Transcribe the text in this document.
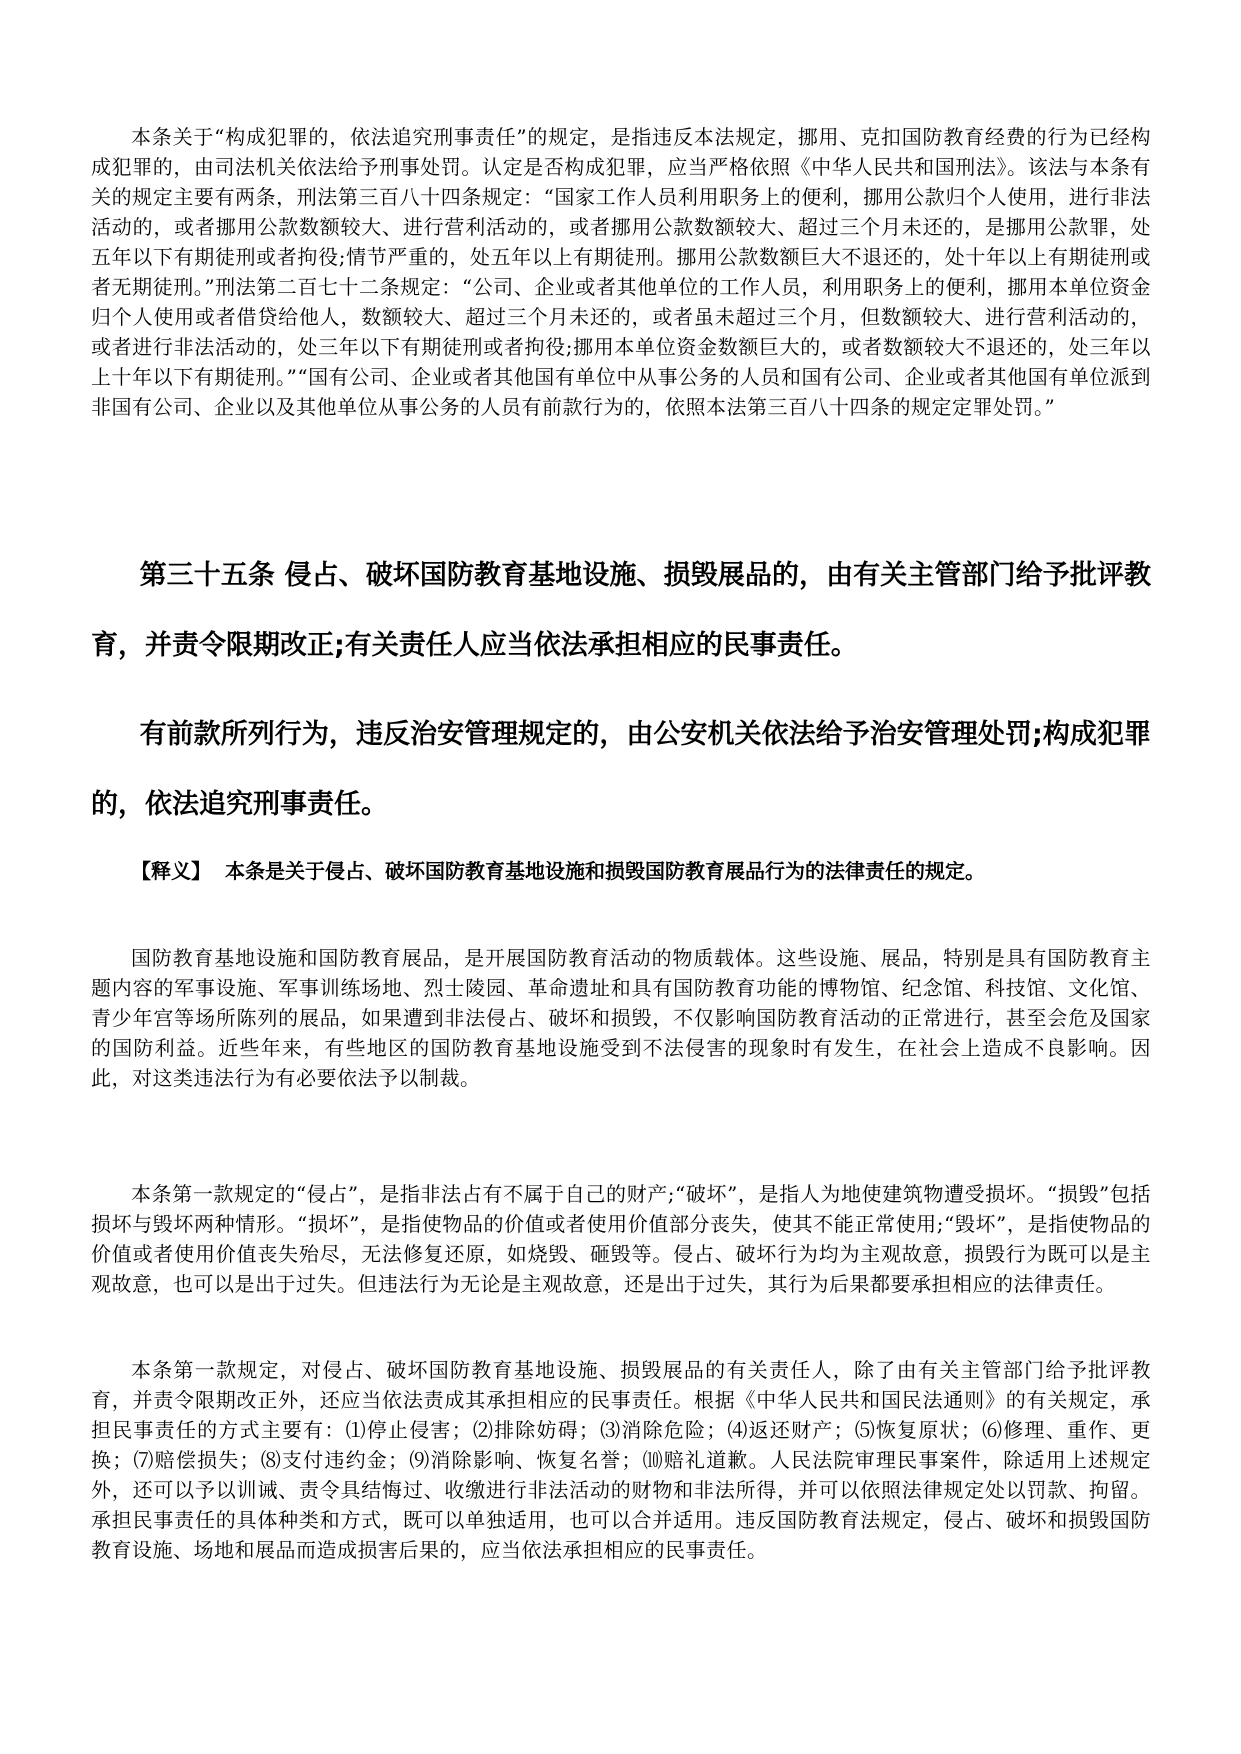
本条关于“构成犯罪的，依法追究刑事责任”的规定，是指违反本法规定，挪用、克扣国防教育经费的行为已经构成犯罪的，由司法机关依法给予刑事处罚。认定是否构成犯罪，应当严格依照《中华人民共和国刑法》。该法与本条有关的规定主要有两条，刑法第三百八十四条规定：“国家工作人员利用职务上的便利，挪用公款归个人使用，进行非法活动的，或者挪用公款数额较大、进行营利活动的，或者挪用公款数额较大、超过三个月未还的，是挪用公款罪，处五年以下有期徒刑或者拘役;情节严重的，处五年以上有期徒刑。挪用公款数额巨大不退还的，处十年以上有期徒刑或者无期徒刑。”刑法第二百七十二条规定：“公司、企业或者其他单位的工作人员，利用职务上的便利，挪用本单位资金归个人使用或者借贷给他人，数额较大、超过三个月未还的，或者虽未超过三个月，但数额较大、进行营利活动的，或者进行非法活动的，处三年以下有期徒刑或者拘役;挪用本单位资金数额巨大的，或者数额较大不退还的，处三年以上十年以下有期徒刑。”“国有公司、企业或者其他国有单位中从事公务的人员和国有公司、企业或者其他国有单位派到非国有公司、企业以及其他单位从事公务的人员有前款行为的，依照本法第三百八十四条的规定定罪处罚。”

第三十五条 侵占、破坏国防教育基地设施、损毁展品的，由有关主管部门给予批评教育，并责令限期改正;有关责任人应当依法承担相应的民事责任。

有前款所列行为，违反治安管理规定的，由公安机关依法给予治安管理处罚;构成犯罪的，依法追究刑事责任。

【释义】 本条是关于侵占、破坏国防教育基地设施和损毁国防教育展品行为的法律责任的规定。

国防教育基地设施和国防教育展品，是开展国防教育活动的物质载体。这些设施、展品，特别是具有国防教育主题内容的军事设施、军事训练场地、烈士陵园、革命遗址和具有国防教育功能的博物馆、纪念馆、科技馆、文化馆、青少年宫等场所陈列的展品，如果遭到非法侵占、破坏和损毁，不仅影响国防教育活动的正常进行，甚至会危及国家的国防利益。近些年来，有些地区的国防教育基地设施受到不法侵害的现象时有发生，在社会上造成不良影响。因此，对这类违法行为有必要依法予以制裁。

本条第一款规定的“侵占”，是指非法占有不属于自己的财产;“破坏”，是指人为地使建筑物遭受损坏。“损毁”包括损坏与毁坏两种情形。“损坏”，是指使物品的价值或者使用价值部分丧失，使其不能正常使用;“毁坏”，是指使物品的价值或者使用价值丧失殆尽，无法修复还原，如烧毁、砸毁等。侵占、破坏行为均为主观故意，损毁行为既可以是主观故意，也可以是出于过失。但违法行为无论是主观故意，还是出于过失，其行为后果都要承担相应的法律责任。

本条第一款规定，对侵占、破坏国防教育基地设施、损毁展品的有关责任人，除了由有关主管部门给予批评教育，并责令限期改正外，还应当依法责成其承担相应的民事责任。根据《中华人民共和国民法通则》的有关规定，承担民事责任的方式主要有：⑴停止侵害；⑵排除妨碍；⑶消除危险；⑷返还财产；⑸恢复原状；⑹修理、重作、更换；⑺赔偿损失；⑻支付违约金；⑼消除影响、恢复名誉；⑽赔礼道歉。人民法院审理民事案件，除适用上述规定外，还可以予以训诫、责令具结悔过、收缴进行非法活动的财物和非法所得，并可以依照法律规定处以罚款、拘留。承担民事责任的具体种类和方式，既可以单独适用，也可以合并适用。违反国防教育法规定，侵占、破坏和损毁国防教育设施、场地和展品而造成损害后果的，应当依法承担相应的民事责任。
